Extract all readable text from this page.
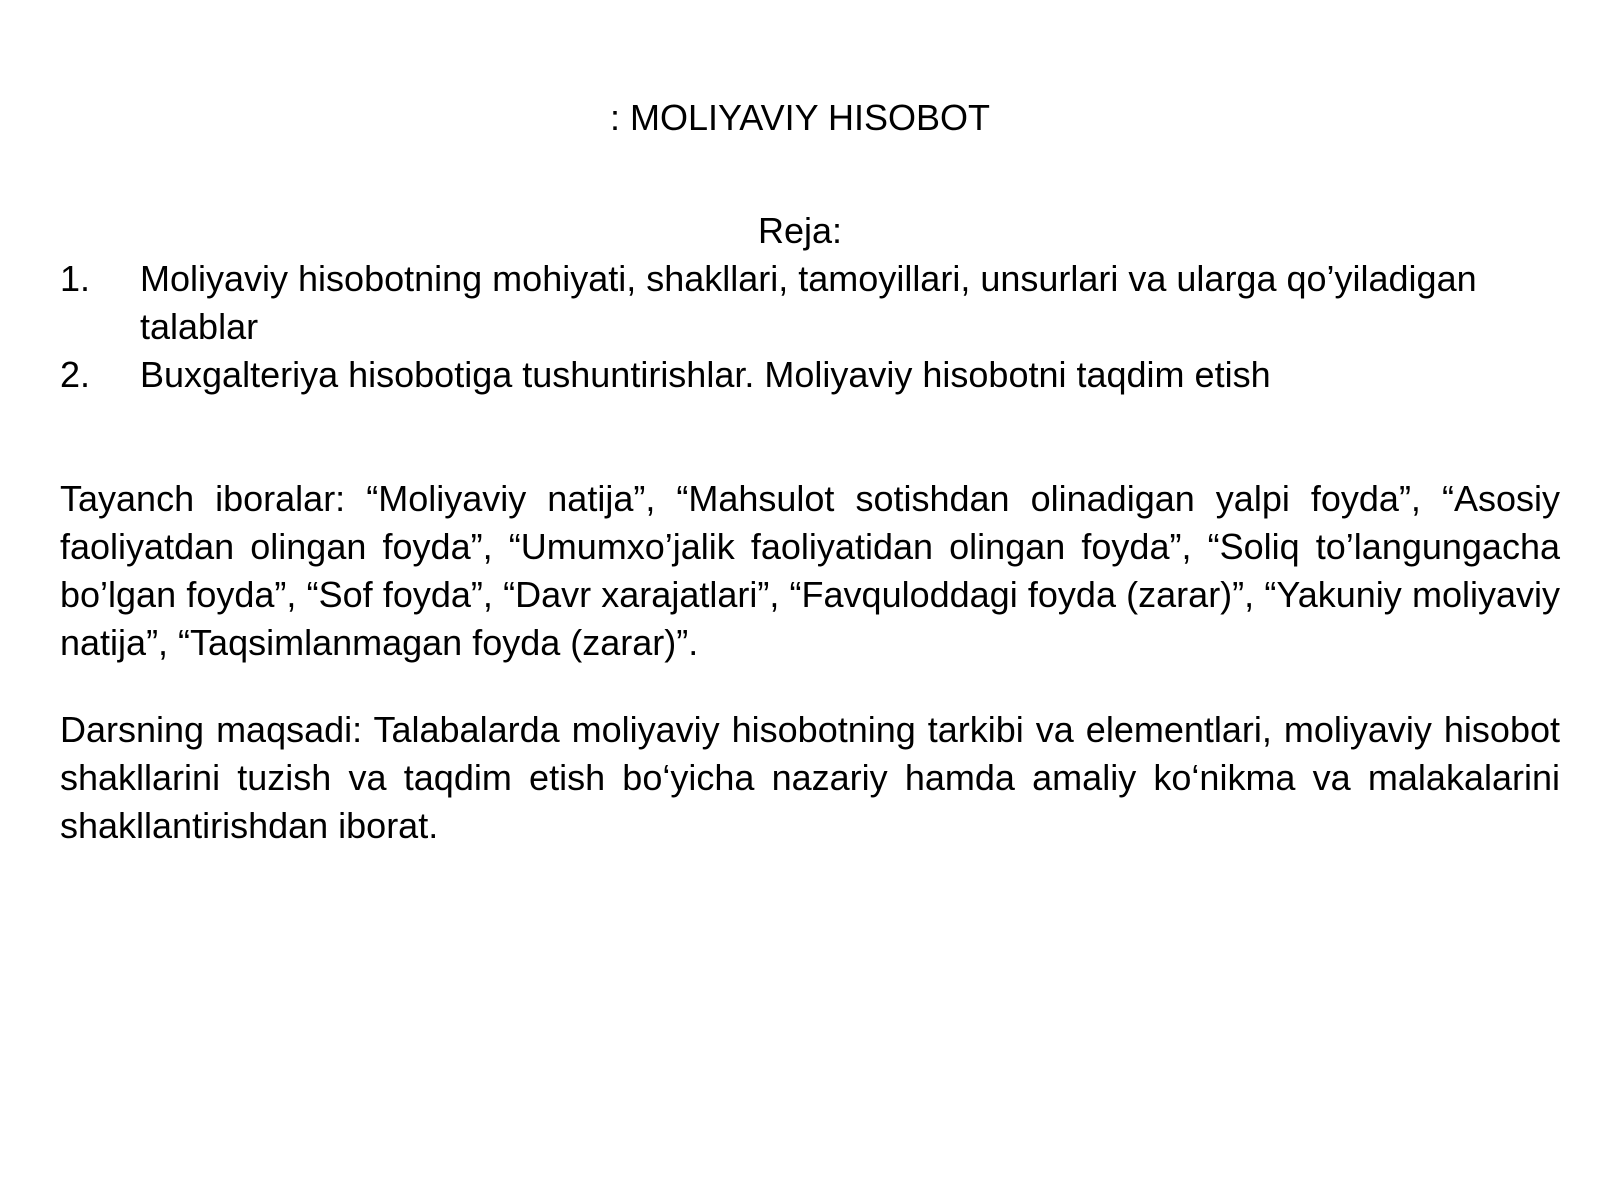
: MOLIYAVIY HISOBOT
Reja:
1. Moliyaviy hisobotning mohiyati, shakllari, tamoyillari, unsurlari va ularga qo’yiladigan talablar
2. Buxgalteriya hisobotiga tushuntirishlar. Moliyaviy hisobotni taqdim etish

Tayanch iboralar: “Moliyaviy natija”, “Mahsulot sotishdan olinadigan yalpi foyda”, “Asosiy faoliyatdan olingan foyda”, “Umumxo’jalik faoliyatidan olingan foyda”, “Soliq to’langungacha bo’lgan foyda”, “Sof foyda”, “Davr xarajatlari”, “Favquloddagi foyda (zarar)”, “Yakuniy moliyaviy natija”, “Taqsimlanmagan foyda (zarar)”.

Darsning maqsadi: Talabalarda moliyaviy hisobotning tarkibi va elementlari, moliyaviy hisobot shakllarini tuzish va taqdim etish bo‘yicha nazariy hamda amaliy ko‘nikma va malakalarini shakllantirishdan iborat.
